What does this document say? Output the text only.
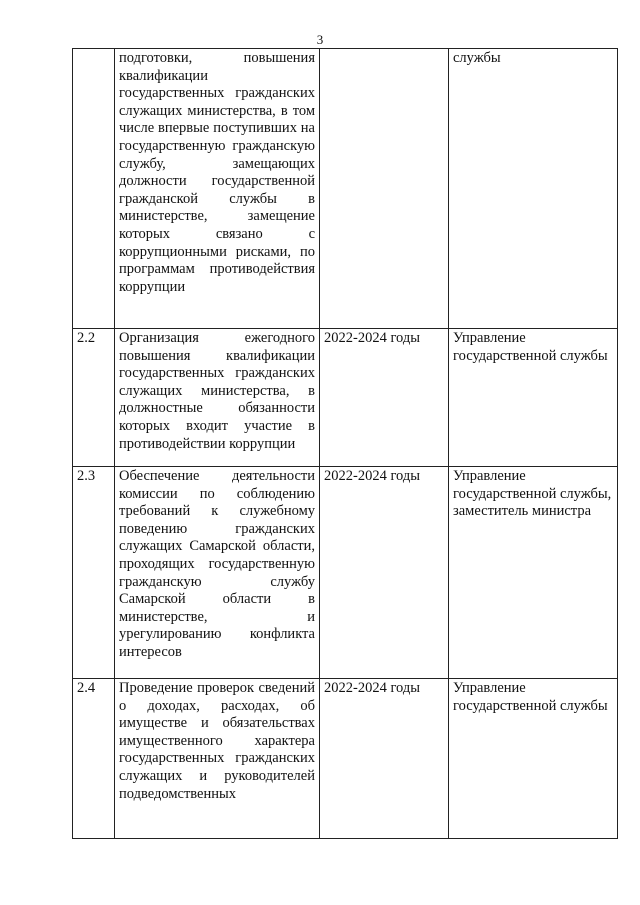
3
	подготовки, повышения квалификации государственных гражданских служащих министерства, в том числе впервые поступивших на государственную гражданскую службу, замещающих должности государственной гражданской службы в министерстве, замещение которых связано с коррупционными рисками, по программам противодействия коррупции		службы
2.2	Организация ежегодного повышения квалификации государственных гражданских служащих министерства, в должностные обязанности которых входит участие в противодействии коррупции	2022-2024 годы	Управление государственной службы
2.3	Обеспечение деятельности комиссии по соблюдению требований к служебному поведению гражданских служащих Самарской области, проходящих государственную гражданскую службу Самарской области в министерстве, и урегулированию конфликта интересов	2022-2024 годы	Управление государственной службы, заместитель министра
2.4	Проведение проверок сведений о доходах, расходах, об имуществе и обязательствах имущественного характера государственных гражданских служащих и руководителей подведомственных	2022-2024 годы	Управление государственной службы
